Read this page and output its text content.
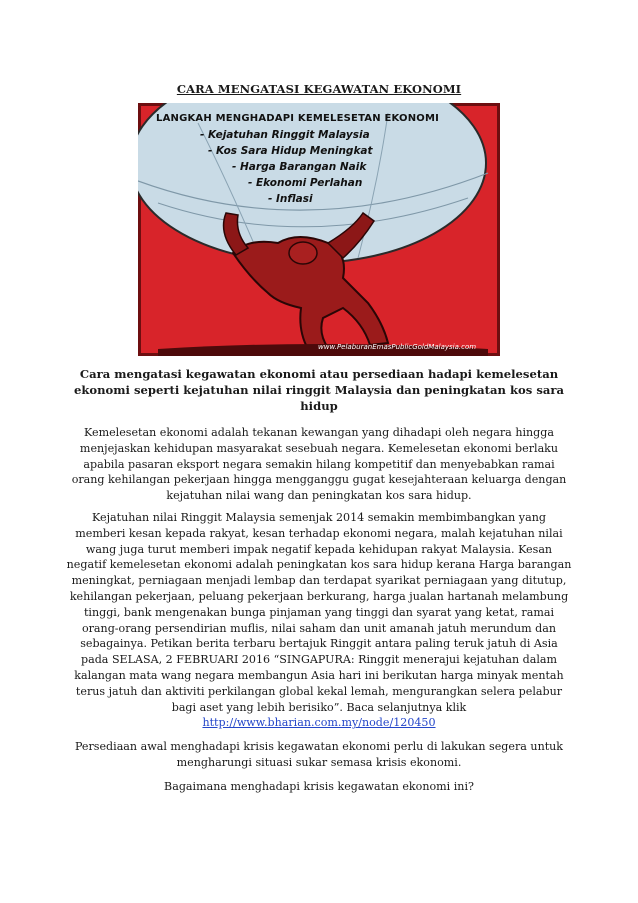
CARA MENGATASI KEGAWATAN EKONOMI
LANGKAH MENGHADAPI KEMELESETAN EKONOMI
- Kejatuhan Ringgit Malaysia
- Kos Sara Hidup Meningkat
- Harga Barangan Naik
- Ekonomi Perlahan
- Inflasi
www.PelaburanEmasPublicGoldMalaysia.com
Cara mengatasi kegawatan ekonomi atau persediaan hadapi kemelesetan ekonomi seperti kejatuhan nilai ringgit Malaysia dan peningkatan kos sara hidup
Kemelesetan ekonomi adalah tekanan kewangan yang dihadapi oleh negara hingga menjejaskan kehidupan masyarakat sesebuah negara. Kemelesetan ekonomi berlaku apabila pasaran eksport negara semakin hilang kompetitif dan menyebabkan ramai orang kehilangan pekerjaan hingga mengganggu gugat kesejahteraan keluarga dengan kejatuhan nilai wang dan peningkatan kos sara hidup.
Kejatuhan nilai Ringgit Malaysia semenjak 2014 semakin membimbangkan yang memberi kesan kepada rakyat, kesan terhadap ekonomi negara, malah kejatuhan nilai wang juga turut memberi impak negatif kepada kehidupan rakyat Malaysia. Kesan negatif kemelesetan ekonomi adalah peningkatan kos sara hidup kerana Harga barangan meningkat, perniagaan menjadi lembap dan terdapat syarikat perniagaan yang ditutup, kehilangan pekerjaan, peluang pekerjaan berkurang, harga jualan hartanah melambung tinggi, bank mengenakan bunga pinjaman yang tinggi dan syarat yang ketat, ramai orang-orang persendirian muflis, nilai saham dan unit amanah jatuh merundum dan sebagainya. Petikan berita terbaru bertajuk Ringgit antara paling teruk jatuh di Asia pada SELASA, 2 FEBRUARI 2016 “SINGAPURA: Ringgit menerajui kejatuhan dalam kalangan mata wang negara membangun Asia hari ini berikutan harga minyak mentah terus jatuh dan aktiviti perkilangan global kekal lemah, mengurangkan selera pelabur bagi aset yang lebih berisiko”. Baca selanjutnya klik http://www.bharian.com.my/node/120450
Persediaan awal menghadapi krisis kegawatan ekonomi perlu di lakukan segera untuk mengharungi situasi sukar semasa krisis ekonomi.
Bagaimana menghadapi krisis kegawatan ekonomi ini?
